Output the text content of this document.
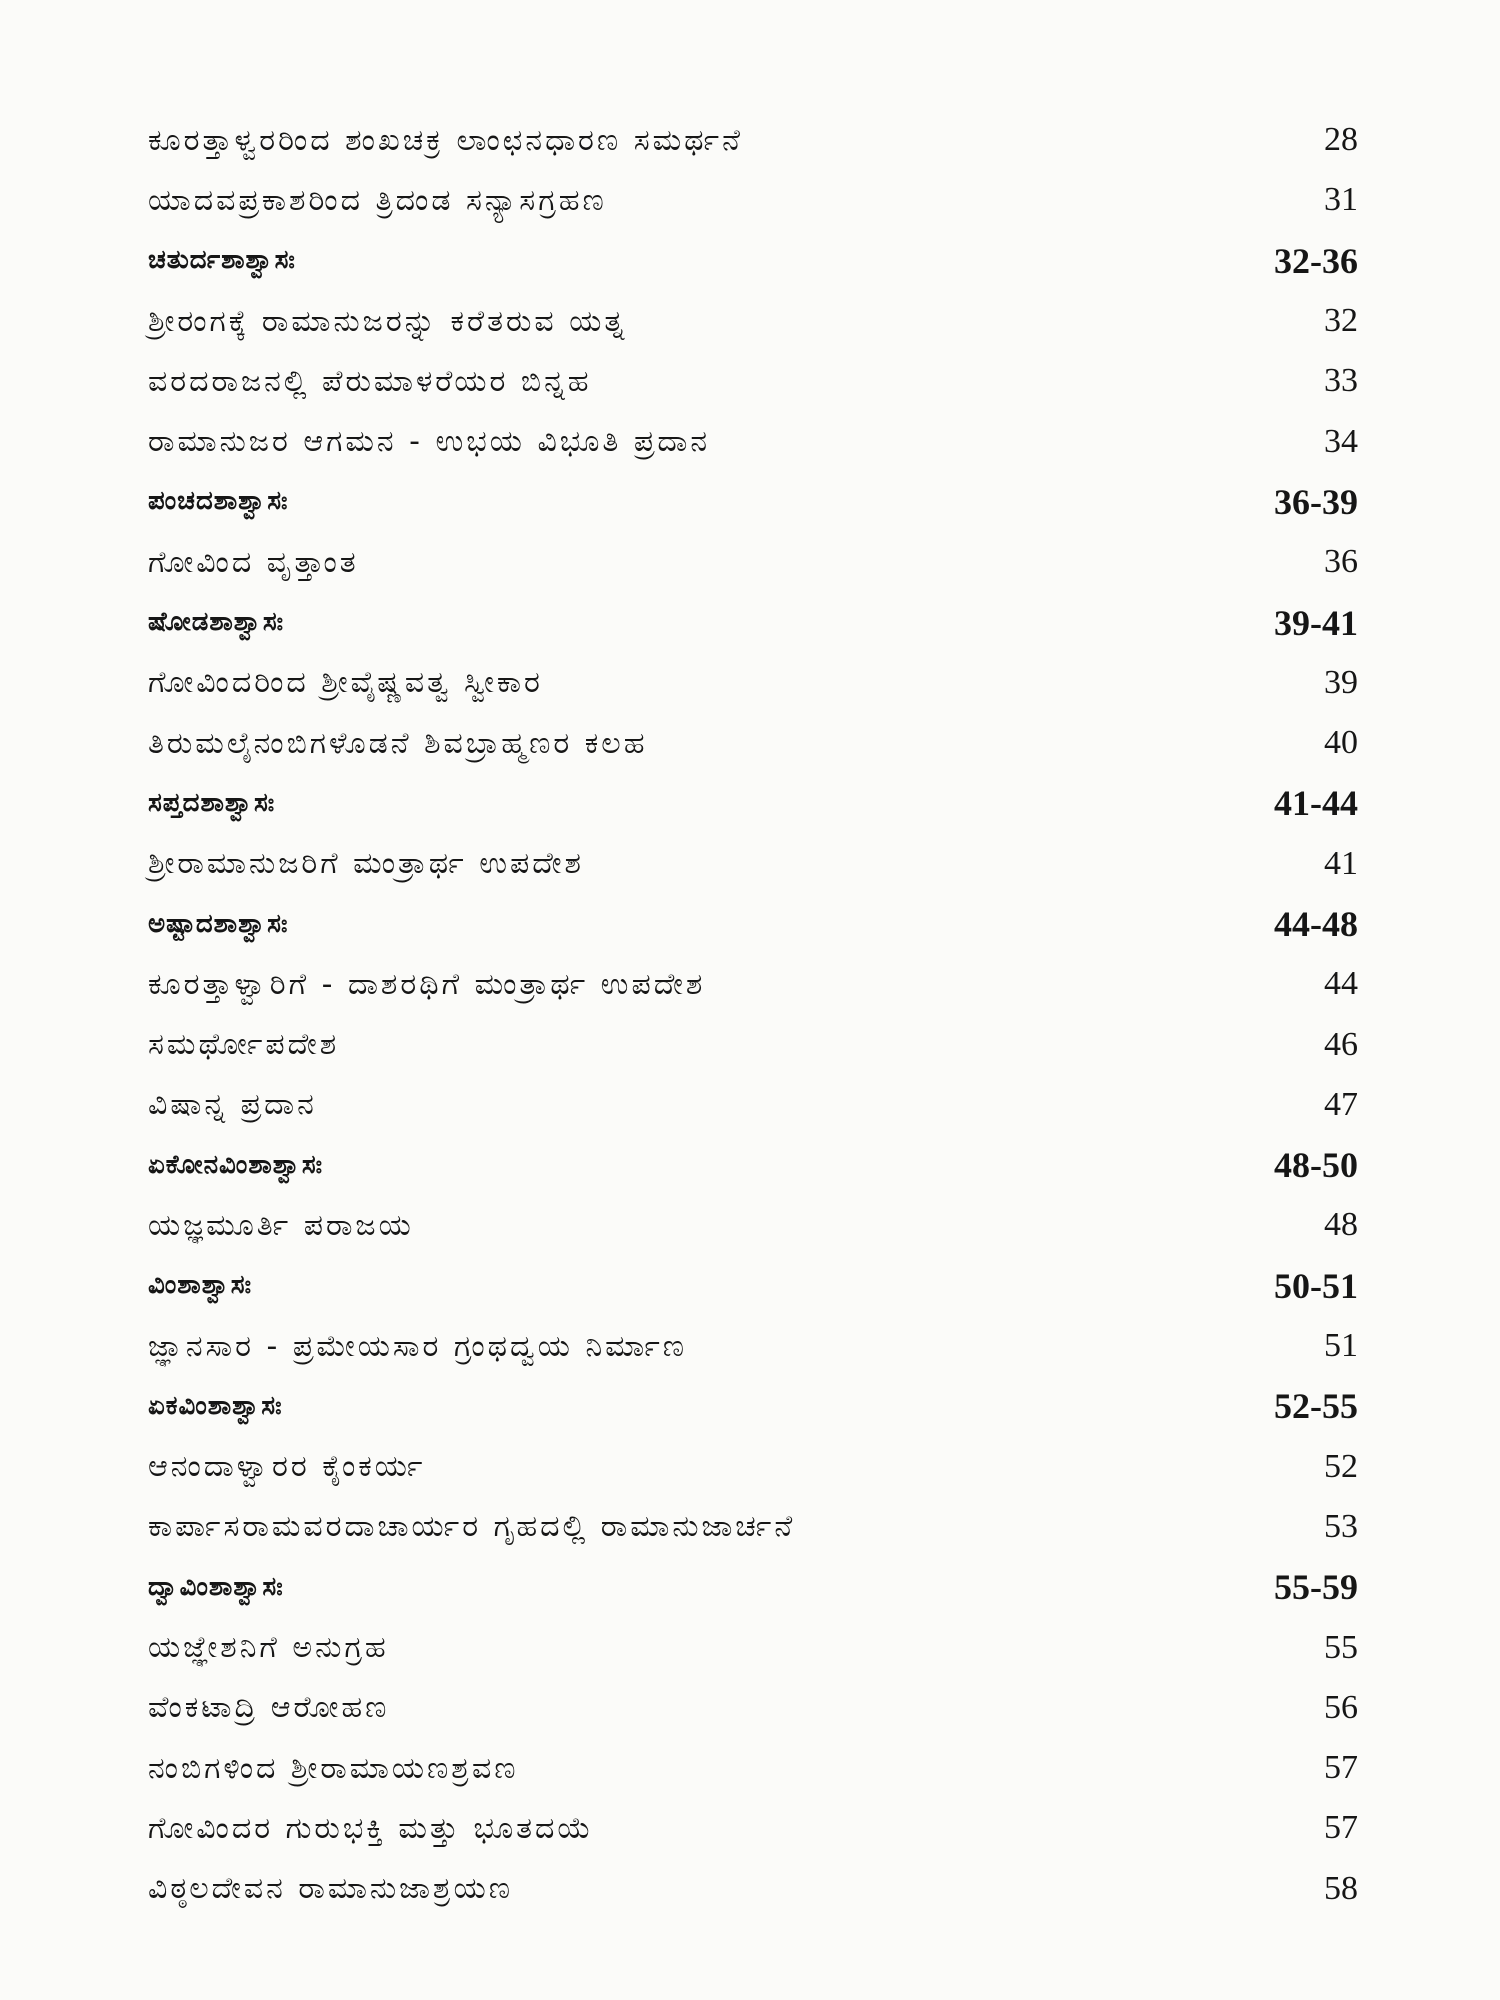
ಕೂರತ್ತಾಳ್ವರರಿಂದ ಶಂಖಚಕ್ರ ಲಾಂಛನಧಾರಣ ಸಮರ್ಥನೆ	28
ಯಾದವಪ್ರಕಾಶರಿಂದ ತ್ರಿದಂಡ ಸನ್ಯಾಸಗ್ರಹಣ	31
ಚತುರ್ದಶಾಶ್ವಾಸಃ	32-36
ಶ್ರೀರಂಗಕ್ಕೆ ರಾಮಾನುಜರನ್ನು ಕರೆತರುವ ಯತ್ನ	32
ವರದರಾಜನಲ್ಲಿ ಪೆರುಮಾಳರೆಯರ ಬಿನ್ನಹ	33
ರಾಮಾನುಜರ ಆಗಮನ - ಉಭಯ ವಿಭೂತಿ ಪ್ರದಾನ	34
ಪಂಚದಶಾಶ್ವಾಸಃ	36-39
ಗೋವಿಂದ ವೃತ್ತಾಂತ	36
ಷೋಡಶಾಶ್ವಾಸಃ	39-41
ಗೋವಿಂದರಿಂದ ಶ್ರೀವೈಷ್ಣವತ್ವ ಸ್ವೀಕಾರ	39
ತಿರುಮಲೈನಂಬಿಗಳೊಡನೆ ಶಿವಬ್ರಾಹ್ಮಣರ ಕಲಹ	40
ಸಪ್ತದಶಾಶ್ವಾಸಃ	41-44
ಶ್ರೀರಾಮಾನುಜರಿಗೆ ಮಂತ್ರಾರ್ಥ ಉಪದೇಶ	41
ಅಷ್ಟಾದಶಾಶ್ವಾಸಃ	44-48
ಕೂರತ್ತಾಳ್ವಾರಿಗೆ - ದಾಶರಥಿಗೆ ಮಂತ್ರಾರ್ಥ ಉಪದೇಶ	44
ಸಮರ್ಥೋಪದೇಶ	46
ವಿಷಾನ್ನ ಪ್ರದಾನ	47
ಏಕೋನವಿಂಶಾಶ್ವಾಸಃ	48-50
ಯಜ್ಞಮೂರ್ತಿ ಪರಾಜಯ	48
ವಿಂಶಾಶ್ವಾಸಃ	50-51
ಜ್ಞಾನಸಾರ - ಪ್ರಮೇಯಸಾರ ಗ್ರಂಥದ್ವಯ ನಿರ್ಮಾಣ	51
ಏಕವಿಂಶಾಶ್ವಾಸಃ	52-55
ಆನಂದಾಳ್ವಾರರ ಕೈಂಕರ್ಯ	52
ಕಾರ್ಪಾಸರಾಮವರದಾಚಾರ್ಯರ ಗೃಹದಲ್ಲಿ ರಾಮಾನುಜಾರ್ಚನೆ	53
ದ್ವಾವಿಂಶಾಶ್ವಾಸಃ	55-59
ಯಜ್ಞೇಶನಿಗೆ ಅನುಗ್ರಹ	55
ವೆಂಕಟಾದ್ರಿ ಆರೋಹಣ	56
ನಂಬಿಗಳಿಂದ ಶ್ರೀರಾಮಾಯಣಶ್ರವಣ	57
ಗೋವಿಂದರ ಗುರುಭಕ್ತಿ ಮತ್ತು ಭೂತದಯೆ	57
ವಿಠ್ಠಲದೇವನ ರಾಮಾನುಜಾಶ್ರಯಣ	58
